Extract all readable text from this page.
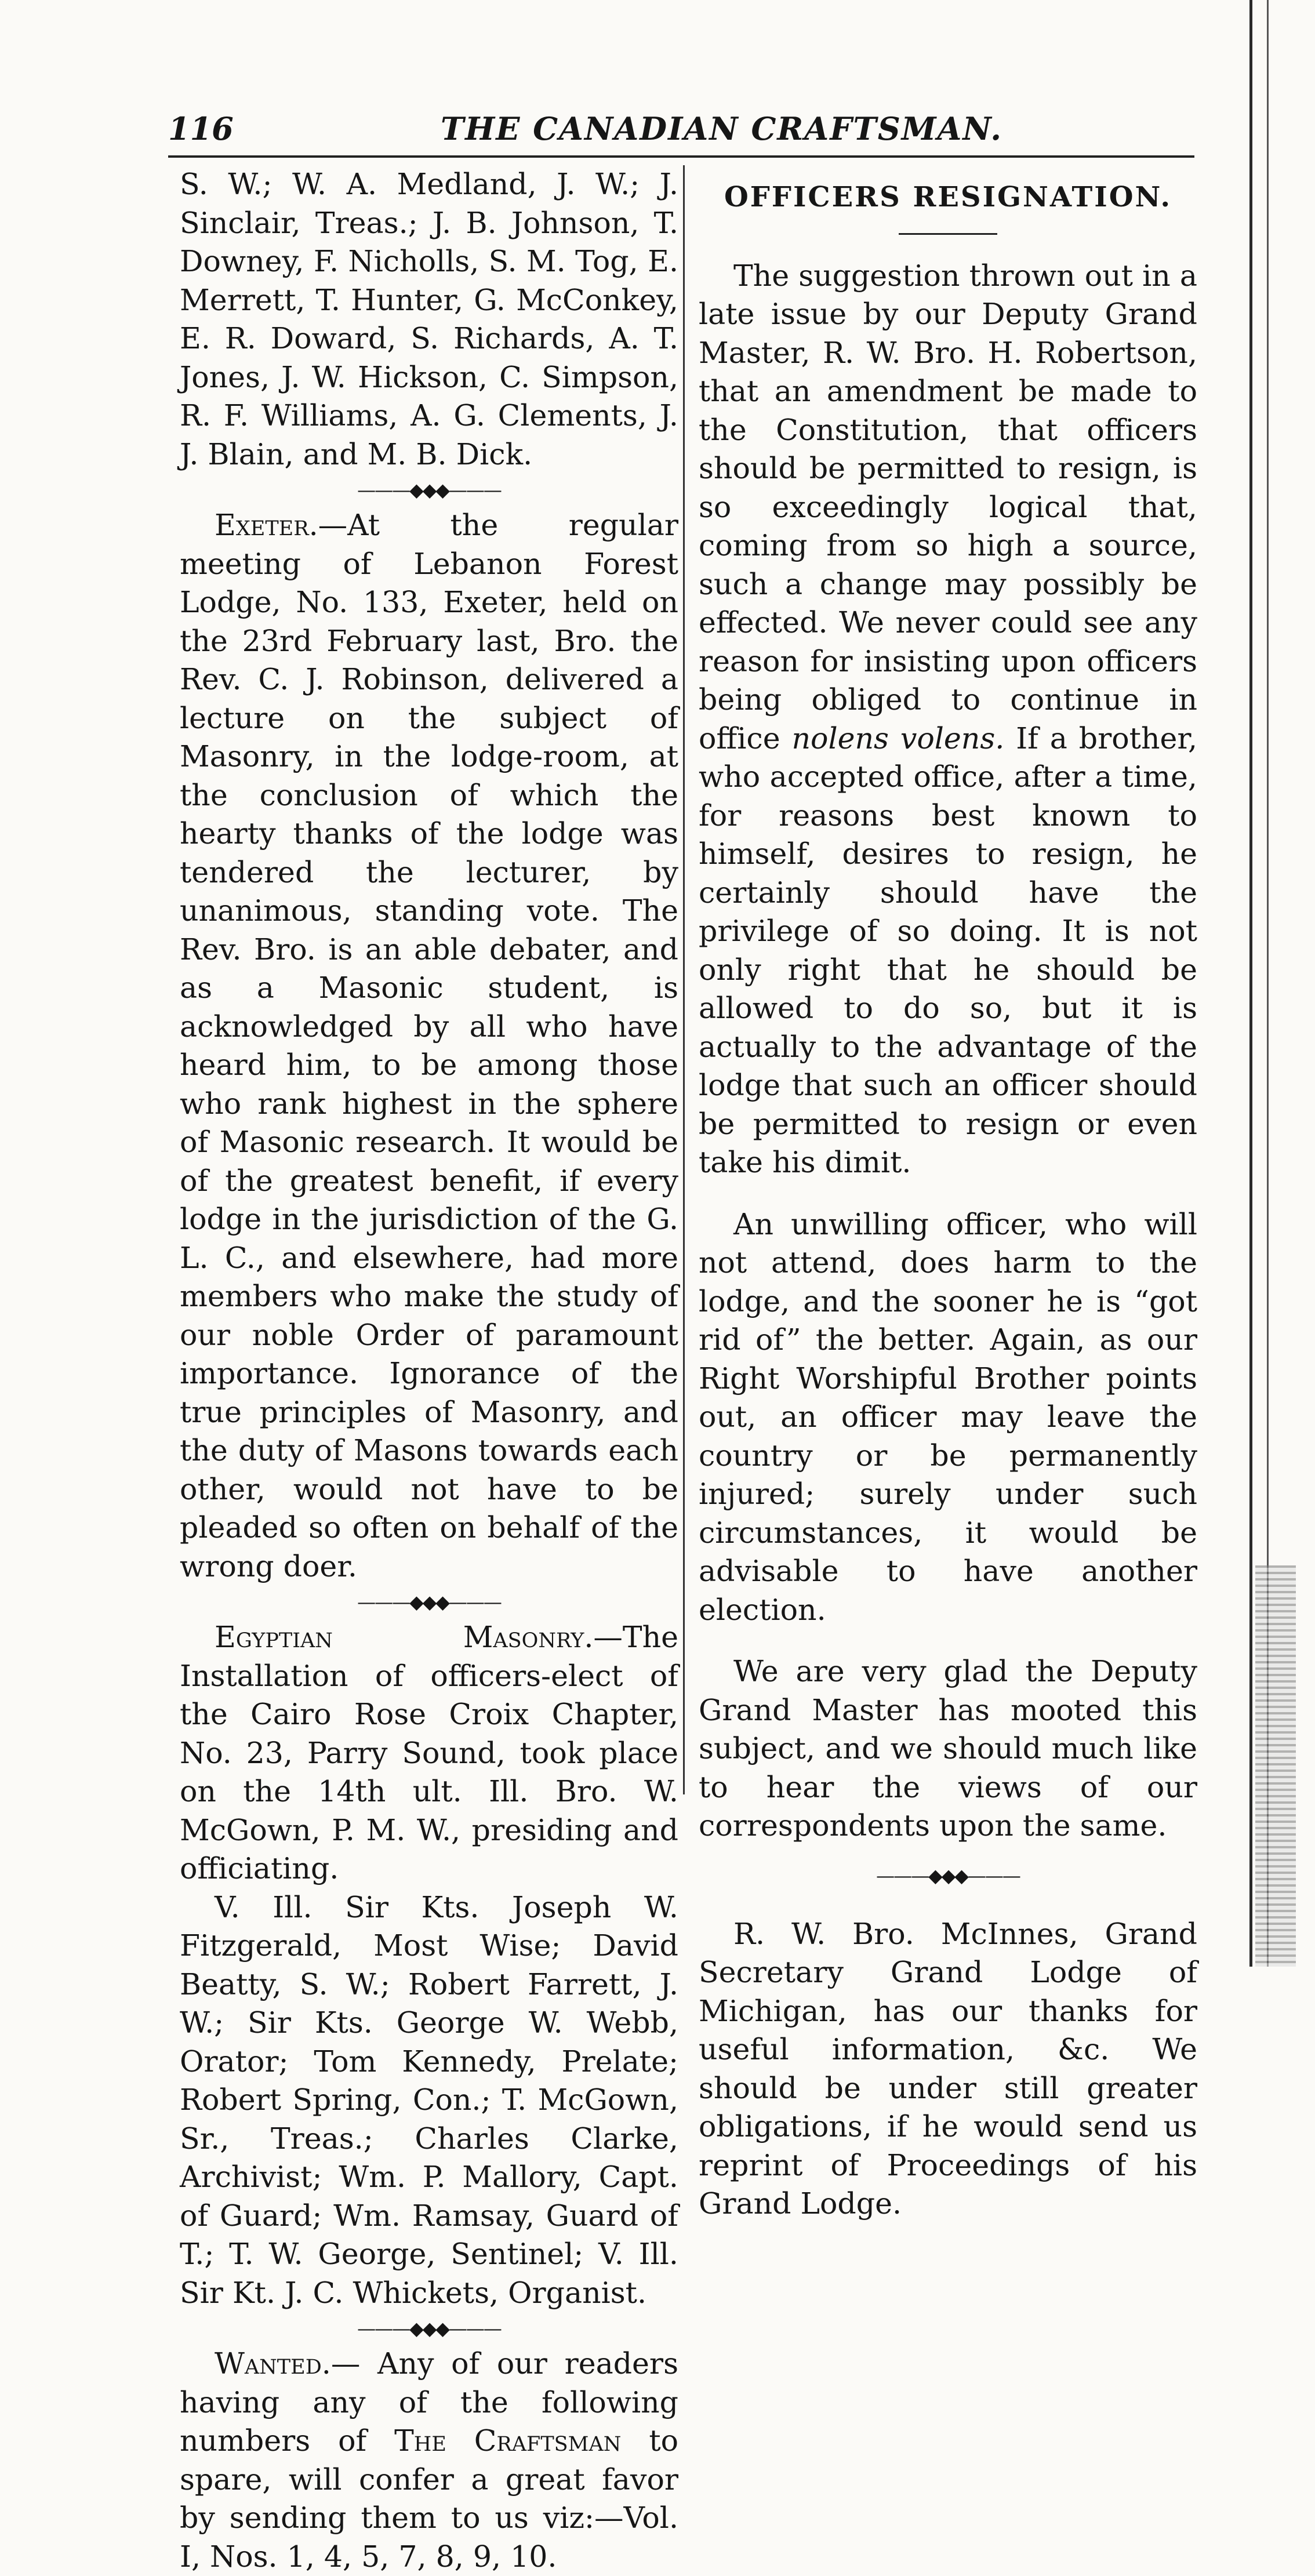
116	THE CANADIAN CRAFTSMAN.

S. W.; W. A. Medland, J. W.; J. Sinclair, Treas.; J. B. Johnson, T. Downey, F. Nicholls, S. M. Tog, E. Merrett, T. Hunter, G. McConkey, E. R. Doward, S. Richards, A. T. Jones, J. W. Hickson, C. Simpson, R. F. Williams, A. G. Clements, J. J. Blain, and M. B. Dick.

———◆◆◆———

Exeter.—At the regular meeting of Lebanon Forest Lodge, No. 133, Exeter, held on the 23rd February last, Bro. the Rev. C. J. Robinson, delivered a lecture on the subject of Masonry, in the lodge-room, at the conclusion of which the hearty thanks of the lodge was tendered the lecturer, by unanimous, standing vote. The Rev. Bro. is an able debater, and as a Masonic student, is acknowledged by all who have heard him, to be among those who rank highest in the sphere of Masonic research. It would be of the greatest benefit, if every lodge in the jurisdiction of the G. L. C., and elsewhere, had more members who make the study of our noble Order of paramount importance. Ignorance of the true principles of Masonry, and the duty of Masons towards each other, would not have to be pleaded so often on behalf of the wrong doer.

———◆◆◆———

Egyptian Masonry.—The Installation of officers-elect of the Cairo Rose Croix Chapter, No. 23, Parry Sound, took place on the 14th ult. Ill. Bro. W. McGown, P. M. W., presiding and officiating.

V. Ill. Sir Kts. Joseph W. Fitzgerald, Most Wise; David Beatty, S. W.; Robert Farrett, J. W.; Sir Kts. George W. Webb, Orator; Tom Kennedy, Prelate; Robert Spring, Con.; T. McGown, Sr., Treas.; Charles Clarke, Archivist; Wm. P. Mallory, Capt. of Guard; Wm. Ramsay, Guard of T.; T. W. George, Sentinel; V. Ill. Sir Kt. J. C. Whickets, Organist.

———◆◆◆———

Wanted.— Any of our readers having any of the following numbers of The Craftsman to spare, will confer a great favor by sending them to us viz:—Vol. I, Nos. 1, 4, 5, 7, 8, 9, 10.

OFFICERS RESIGNATION.

The suggestion thrown out in a late issue by our Deputy Grand Master, R. W. Bro. H. Robertson, that an amendment be made to the Constitution, that officers should be permitted to resign, is so exceedingly logical that, coming from so high a source, such a change may possibly be effected. We never could see any reason for insisting upon officers being obliged to continue in office nolens volens. If a brother, who accepted office, after a time, for reasons best known to himself, desires to resign, he certainly should have the privilege of so doing. It is not only right that he should be allowed to do so, but it is actually to the advantage of the lodge that such an officer should be permitted to resign or even take his dimit.

An unwilling officer, who will not attend, does harm to the lodge, and the sooner he is “got rid of” the better. Again, as our Right Worshipful Brother points out, an officer may leave the country or be permanently injured; surely under such circumstances, it would be advisable to have another election.

We are very glad the Deputy Grand Master has mooted this subject, and we should much like to hear the views of our correspondents upon the same.

———◆◆◆———

R. W. Bro. McInnes, Grand Secretary Grand Lodge of Michigan, has our thanks for useful information, &c. We should be under still greater obligations, if he would send us reprint of Proceedings of his Grand Lodge.
